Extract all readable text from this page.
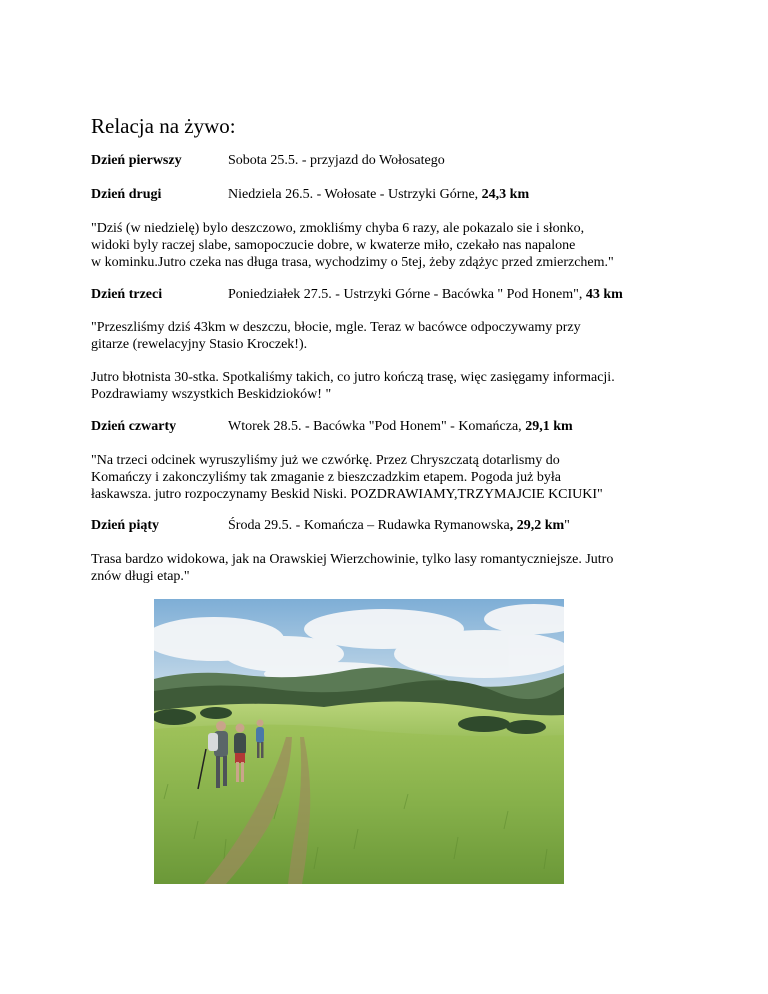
Relacja na żywo:
Dzień pierwszy	Sobota 25.5. - przyjazd do Wołosatego
Dzień drugi	Niedziela 26.5. - Wołosate - Ustrzyki Górne, 24,3 km
"Dziś (w niedzielę) bylo deszczowo, zmokliśmy chyba 6 razy, ale pokazalo sie i słonko,
widoki byly raczej slabe, samopoczucie dobre, w kwaterze miło, czekało nas napalone
w kominku.Jutro czeka nas długa trasa, wychodzimy o 5tej, żeby zdążyc przed zmierzchem."
Dzień trzeci	Poniedziałek 27.5. - Ustrzyki Górne - Bacówka " Pod Honem", 43 km
"Przeszliśmy dziś 43km w deszczu, błocie, mgle. Teraz w bacówce odpoczywamy przy
gitarze (rewelacyjny Stasio Kroczek!).
Jutro błotnista 30-stka. Spotkaliśmy takich, co jutro kończą trasę, więc zasięgamy informacji.
Pozdrawiamy wszystkich Beskidzioków! "
Dzień czwarty	Wtorek 28.5. - Bacówka "Pod Honem" - Komańcza, 29,1 km
"Na trzeci odcinek wyruszyliśmy już we czwórkę. Przez Chryszczatą dotarlismy do
Komańczy i zakonczyliśmy tak zmaganie z bieszczadzkim etapem. Pogoda już była
łaskawsza. jutro rozpoczynamy Beskid Niski. POZDRAWIAMY,TRZYMAJCIE KCIUKI"
Dzień piąty	Środa 29.5. - Komańcza – Rudawka Rymanowska, 29,2 km"
Trasa bardzo widokowa, jak na Orawskiej Wierzchowinie, tylko lasy romantyczniejsze. Jutro
znów długi etap."
